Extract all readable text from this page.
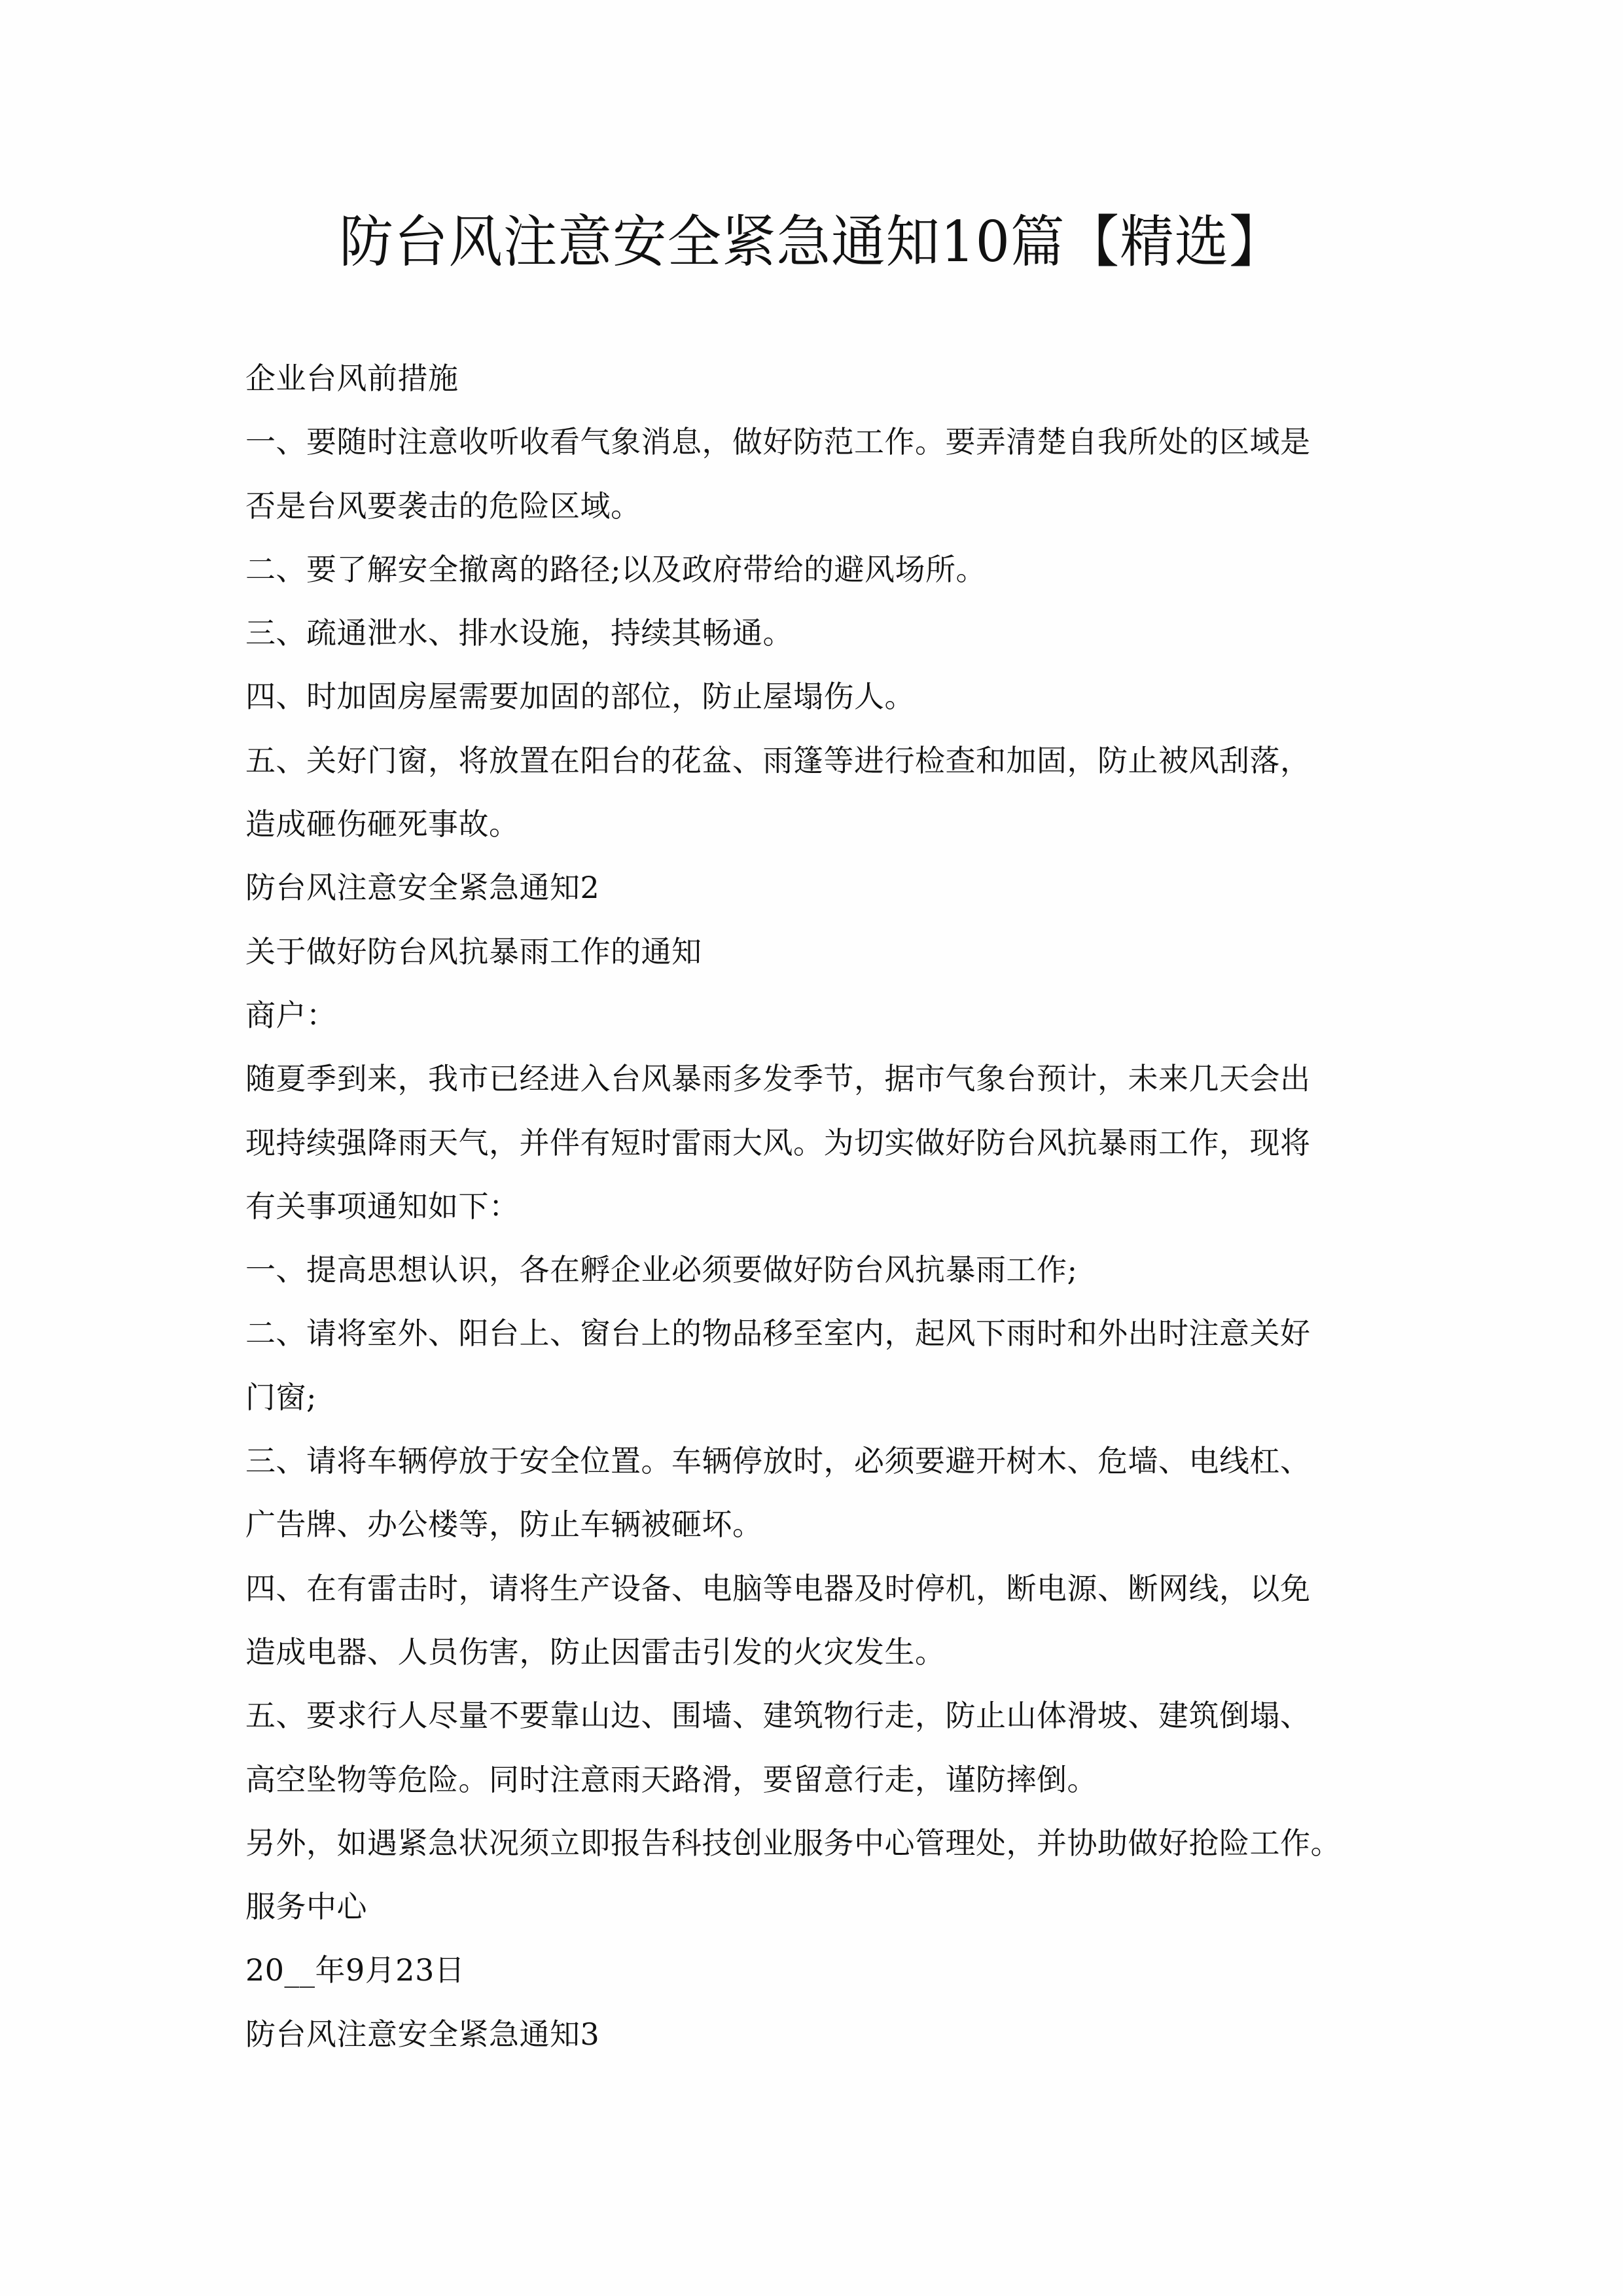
防台风注意安全紧急通知10篇【精选】
企业台风前措施
一、要随时注意收听收看气象消息，做好防范工作。要弄清楚自我所处的区域是
否是台风要袭击的危险区域。
二、要了解安全撤离的路径;以及政府带给的避风场所。
三、疏通泄水、排水设施，持续其畅通。
四、时加固房屋需要加固的部位，防止屋塌伤人。
五、关好门窗，将放置在阳台的花盆、雨篷等进行检查和加固，防止被风刮落，
造成砸伤砸死事故。
防台风注意安全紧急通知2
关于做好防台风抗暴雨工作的通知
商户：
随夏季到来，我市已经进入台风暴雨多发季节，据市气象台预计，未来几天会出
现持续强降雨天气，并伴有短时雷雨大风。为切实做好防台风抗暴雨工作，现将
有关事项通知如下：
一、提高思想认识，各在孵企业必须要做好防台风抗暴雨工作;
二、请将室外、阳台上、窗台上的物品移至室内，起风下雨时和外出时注意关好
门窗;
三、请将车辆停放于安全位置。车辆停放时，必须要避开树木、危墙、电线杠、
广告牌、办公楼等，防止车辆被砸坏。
四、在有雷击时，请将生产设备、电脑等电器及时停机，断电源、断网线，以免
造成电器、人员伤害，防止因雷击引发的火灾发生。
五、要求行人尽量不要靠山边、围墙、建筑物行走，防止山体滑坡、建筑倒塌、
高空坠物等危险。同时注意雨天路滑，要留意行走，谨防摔倒。
另外，如遇紧急状况须立即报告科技创业服务中心管理处，并协助做好抢险工作。
服务中心
20__年9月23日
防台风注意安全紧急通知3
